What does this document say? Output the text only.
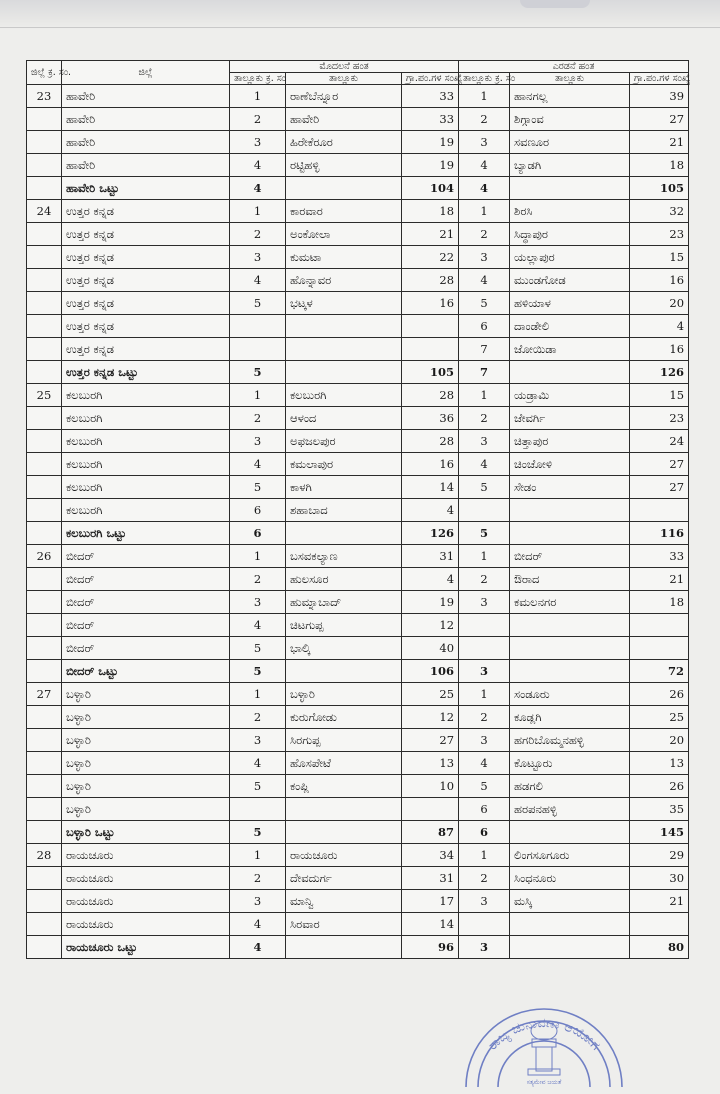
ಜಿಲ್ಲೆ ಕ್ರ. ಸಂ.	ಜಿಲ್ಲೆ	ಮೊದಲನೆ ಹಂತ			ಎರಡನೆ ಹಂತ		
		ತಾಲ್ಲೂಕು ಕ್ರ. ಸಂ	ತಾಲ್ಲೂಕು	ಗ್ರಾ.ಪಂ.ಗಳ ಸಂಖ್ಯೆ	ತಾಲ್ಲೂಕು ಕ್ರ. ಸಂ	ತಾಲ್ಲೂಕು	ಗ್ರಾ.ಪಂ.ಗಳ ಸಂಖ್ಯೆ
23	ಹಾವೇರಿ	1	ರಾಣೆಬೆನ್ನೂರ	33	1	ಹಾನಗಲ್ಲ	39
	ಹಾವೇರಿ	2	ಹಾವೇರಿ	33	2	ಶಿಗ್ಗಾಂವ	27
	ಹಾವೇರಿ	3	ಹಿರೇಕೆರೂರ	19	3	ಸವಣೂರ	21
	ಹಾವೇರಿ	4	ರಟ್ಟಿಹಳ್ಳಿ	19	4	ಬ್ಯಾಡಗಿ	18
	ಹಾವೇರಿ ಒಟ್ಟು	4		104	4		105
24	ಉತ್ತರ ಕನ್ನಡ	1	ಕಾರವಾರ	18	1	ಶಿರಸಿ	32
	ಉತ್ತರ ಕನ್ನಡ	2	ಅಂಕೋಲಾ	21	2	ಸಿದ್ಧಾಪುರ	23
	ಉತ್ತರ ಕನ್ನಡ	3	ಕುಮಟಾ	22	3	ಯಲ್ಲಾಪುರ	15
	ಉತ್ತರ ಕನ್ನಡ	4	ಹೊನ್ನಾವರ	28	4	ಮುಂಡಗೋಡ	16
	ಉತ್ತರ ಕನ್ನಡ	5	ಭಟ್ಕಳ	16	5	ಹಳಿಯಾಳ	20
	ಉತ್ತರ ಕನ್ನಡ				6	ದಾಂಡೇಲಿ	4
	ಉತ್ತರ ಕನ್ನಡ				7	ಜೋಯಿಡಾ	16
	ಉತ್ತರ ಕನ್ನಡ ಒಟ್ಟು	5		105	7		126
25	ಕಲಬುರಗಿ	1	ಕಲಬುರಗಿ	28	1	ಯಡ್ರಾಮಿ	15
	ಕಲಬುರಗಿ	2	ಆಳಂದ	36	2	ಜೇವರ್ಗಿ	23
	ಕಲಬುರಗಿ	3	ಅಫಜಲಪುರ	28	3	ಚಿತ್ತಾಪುರ	24
	ಕಲಬುರಗಿ	4	ಕಮಲಾಪುರ	16	4	ಚಿಂಚೋಳಿ	27
	ಕಲಬುರಗಿ	5	ಕಾಳಗಿ	14	5	ಸೇಡಂ	27
	ಕಲಬುರಗಿ	6	ಶಹಾಬಾದ	4			
	ಕಲಬುರಗಿ ಒಟ್ಟು	6		126	5		116
26	ಬೀದರ್	1	ಬಸವಕಲ್ಯಾಣ	31	1	ಬೀದರ್	33
	ಬೀದರ್	2	ಹುಲಸೂರ	4	2	ಔರಾದ	21
	ಬೀದರ್	3	ಹುಮ್ನಾಬಾದ್	19	3	ಕಮಲನಗರ	18
	ಬೀದರ್	4	ಚಿಟಗುಪ್ಪ	12			
	ಬೀದರ್	5	ಭಾಲ್ಕಿ	40			
	ಬೀದರ್ ಒಟ್ಟು	5		106	3		72
27	ಬಳ್ಳಾರಿ	1	ಬಳ್ಳಾರಿ	25	1	ಸಂಡೂರು	26
	ಬಳ್ಳಾರಿ	2	ಕುರುಗೋಡು	12	2	ಕೂಡ್ಲಗಿ	25
	ಬಳ್ಳಾರಿ	3	ಸಿರಗುಪ್ಪ	27	3	ಹಗರಿಬೊಮ್ಮನಹಳ್ಳಿ	20
	ಬಳ್ಳಾರಿ	4	ಹೊಸಪೇಟೆ	13	4	ಕೊಟ್ಟೂರು	13
	ಬಳ್ಳಾರಿ	5	ಕಂಪ್ಲಿ	10	5	ಹಡಗಲಿ	26
	ಬಳ್ಳಾರಿ				6	ಹರಪನಹಳ್ಳಿ	35
	ಬಳ್ಳಾರಿ ಒಟ್ಟು	5		87	6		145
28	ರಾಯಚೂರು	1	ರಾಯಚೂರು	34	1	ಲಿಂಗಸೂಗೂರು	29
	ರಾಯಚೂರು	2	ದೇವದುರ್ಗ	31	2	ಸಿಂಧನೂರು	30
	ರಾಯಚೂರು	3	ಮಾನ್ವಿ	17	3	ಮಸ್ಕಿ	21
	ರಾಯಚೂರು	4	ಸಿರವಾರ	14			
	ರಾಯಚೂರು ಒಟ್ಟು	4		96	3		80
ರಾಜ್ಯ ಚುನಾವಣಾ ಆಯೋಗ
ಸತ್ಯಮೇವ ಜಯತೆ
